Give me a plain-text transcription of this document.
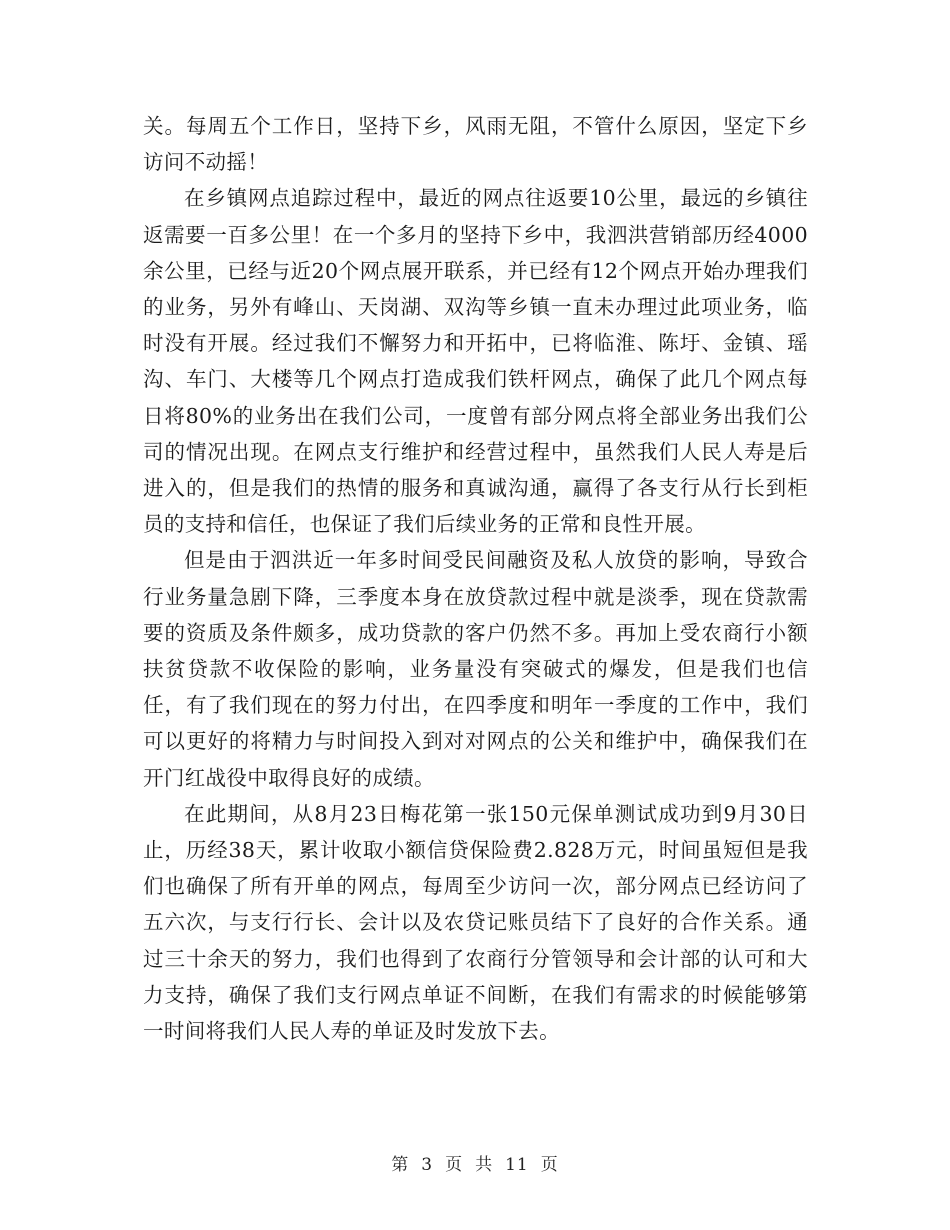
关。每周五个工作日，坚持下乡，风雨无阻，不管什么原因，坚定下乡访问不动摇！

在乡镇网点追踪过程中，最近的网点往返要10公里，最远的乡镇往返需要一百多公里！在一个多月的坚持下乡中，我泗洪营销部历经4000余公里，已经与近20个网点展开联系，并已经有12个网点开始办理我们的业务，另外有峰山、天岗湖、双沟等乡镇一直未办理过此项业务，临时没有开展。经过我们不懈努力和开拓中，已将临淮、陈圩、金镇、瑶沟、车门、大楼等几个网点打造成我们铁杆网点，确保了此几个网点每日将80%的业务出在我们公司，一度曾有部分网点将全部业务出我们公司的情况出现。在网点支行维护和经营过程中，虽然我们人民人寿是后进入的，但是我们的热情的服务和真诚沟通，赢得了各支行从行长到柜员的支持和信任，也保证了我们后续业务的正常和良性开展。

但是由于泗洪近一年多时间受民间融资及私人放贷的影响，导致合行业务量急剧下降，三季度本身在放贷款过程中就是淡季，现在贷款需要的资质及条件颇多，成功贷款的客户仍然不多。再加上受农商行小额扶贫贷款不收保险的影响，业务量没有突破式的爆发，但是我们也信任，有了我们现在的努力付出，在四季度和明年一季度的工作中，我们可以更好的将精力与时间投入到对对网点的公关和维护中，确保我们在开门红战役中取得良好的成绩。

在此期间，从8月23日梅花第一张150元保单测试成功到9月30日止，历经38天，累计收取小额信贷保险费2.828万元，时间虽短但是我们也确保了所有开单的网点，每周至少访问一次，部分网点已经访问了五六次，与支行行长、会计以及农贷记账员结下了良好的合作关系。通过三十余天的努力，我们也得到了农商行分管领导和会计部的认可和大力支持，确保了我们支行网点单证不间断，在我们有需求的时候能够第一时间将我们人民人寿的单证及时发放下去。

第 3 页 共 11 页
